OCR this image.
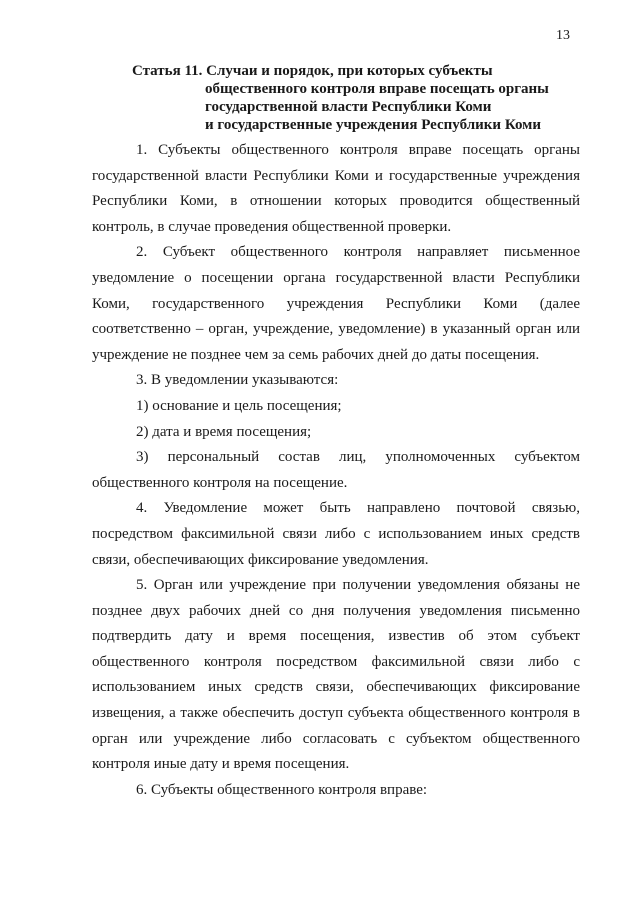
13
Статья 11. Случаи и порядок, при которых субъекты
общественного контроля вправе посещать органы
государственной власти Республики Коми
и государственные учреждения Республики Коми

1. Субъекты общественного контроля вправе посещать органы государственной власти Республики Коми и государственные учреждения Республики Коми, в отношении которых проводится общественный контроль, в случае проведения общественной проверки.

2. Субъект общественного контроля направляет письменное уведомление о посещении органа государственной власти Республики Коми, государственного учреждения Республики Коми (далее соответственно – орган, учреждение, уведомление) в указанный орган или учреждение не позднее чем за семь рабочих дней до даты посещения.

3. В уведомлении указываются:

1) основание и цель посещения;

2) дата и время посещения;

3) персональный состав лиц, уполномоченных субъектом общественного контроля на посещение.

4. Уведомление может быть направлено почтовой связью, посредством факсимильной связи либо с использованием иных средств связи, обеспечивающих фиксирование уведомления.

5. Орган или учреждение при получении уведомления обязаны не позднее двух рабочих дней со дня получения уведомления письменно подтвердить дату и время посещения, известив об этом субъект общественного контроля посредством факсимильной связи либо с использованием иных средств связи, обеспечивающих фиксирование извещения, а также обеспечить доступ субъекта общественного контроля в орган или учреждение либо согласовать с субъектом общественного контроля иные дату и время посещения.

6. Субъекты общественного контроля вправе:
